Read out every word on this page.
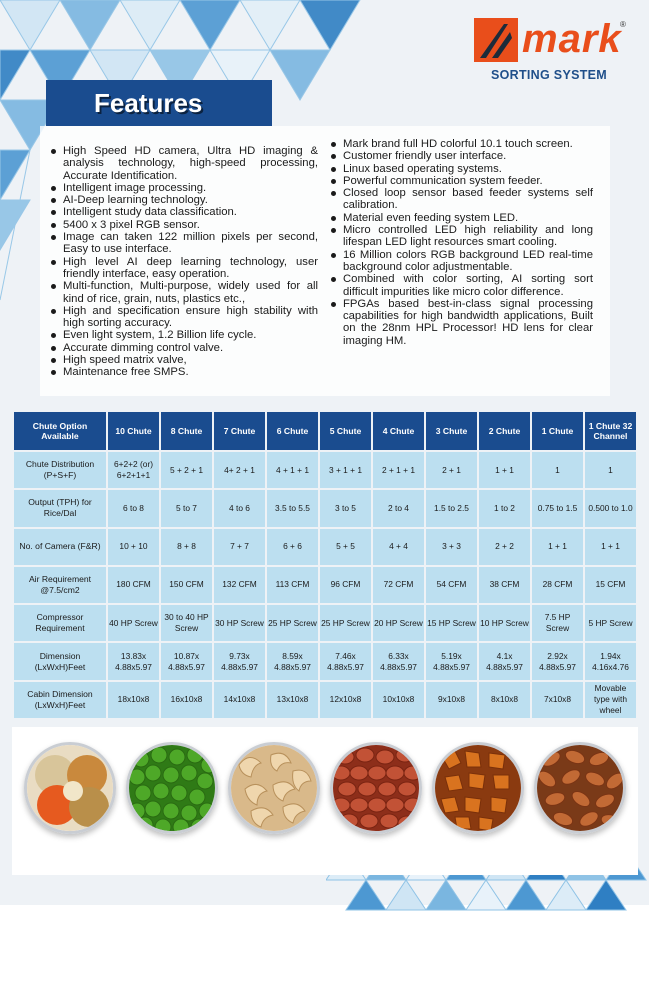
mark
®
SORTING SYSTEM
Features
High Speed HD camera, Ultra HD imaging & analysis technology, high-speed processing, Accurate Identification.
Intelligent image processing.
AI-Deep learning technology.
Intelligent study data classification.
5400 x 3 pixel RGB sensor.
Image can taken 122 million pixels per second, Easy to use interface.
High level AI deep learning technology, user friendly interface, easy operation.
Multi-function, Multi-purpose, widely used for all kind of rice, grain, nuts, plastics etc.,
High and specification ensure high stability with high sorting accuracy.
Even light system, 1.2 Billion life cycle.
Accurate dimming control valve.
High speed matrix valve,
Maintenance free SMPS.
Mark brand full HD colorful 10.1 touch screen.
Customer friendly user interface.
Linux based operating systems.
Powerful communication system feeder.
Closed loop sensor based feeder systems self calibration.
Material even feeding system LED.
Micro controlled LED high reliability and long lifespan LED light resources smart cooling.
16 Million colors RGB background LED real-time background color adjustmentable.
Combined with color sorting, AI sorting sort difficult impurities like micro color difference.
FPGAs based best-in-class signal processing capabilities for high bandwidth applications, Built on the 28nm HPL Processor! HD lens for clear imaging HM.
Chute Option Available	10 Chute	8 Chute	7 Chute	6 Chute	5 Chute	4 Chute	3 Chute	2 Chute	1 Chute	1 Chute 32 Channel
Chute Distribution (P+S+F)	6+2+2 (or) 6+2+1+1	5 + 2 + 1	4+ 2 + 1	4 + 1 + 1	3 + 1 + 1	2 + 1 + 1	2 + 1	1 + 1	1	1
Output (TPH) for Rice/Dal	6 to 8	5 to 7	4 to 6	3.5 to 5.5	3 to 5	2 to 4	1.5 to 2.5	1 to 2	0.75 to 1.5	0.500 to 1.0
No. of Camera (F&R)	10 + 10	8 + 8	7 + 7	6 + 6	5 + 5	4 + 4	3 + 3	2 + 2	1 + 1	1 + 1
Air Requirement @7.5/cm2	180 CFM	150 CFM	132 CFM	113 CFM	96 CFM	72 CFM	54 CFM	38 CFM	28 CFM	15 CFM
Compressor Requirement	40 HP Screw	30 to 40 HP Screw	30 HP Screw	25 HP Screw	25 HP Screw	20 HP Screw	15 HP Screw	10 HP Screw	7.5 HP Screw	5 HP Screw
Dimension (LxWxH)Feet	13.83x 4.88x5.97	10.87x 4.88x5.97	9.73x 4.88x5.97	8.59x 4.88x5.97	7.46x 4.88x5.97	6.33x 4.88x5.97	5.19x 4.88x5.97	4.1x 4.88x5.97	2.92x 4.88x5.97	1.94x 4.16x4.76
Cabin Dimension (LxWxH)Feet	18x10x8	16x10x8	14x10x8	13x10x8	12x10x8	10x10x8	9x10x8	8x10x8	7x10x8	Movable type with wheel
